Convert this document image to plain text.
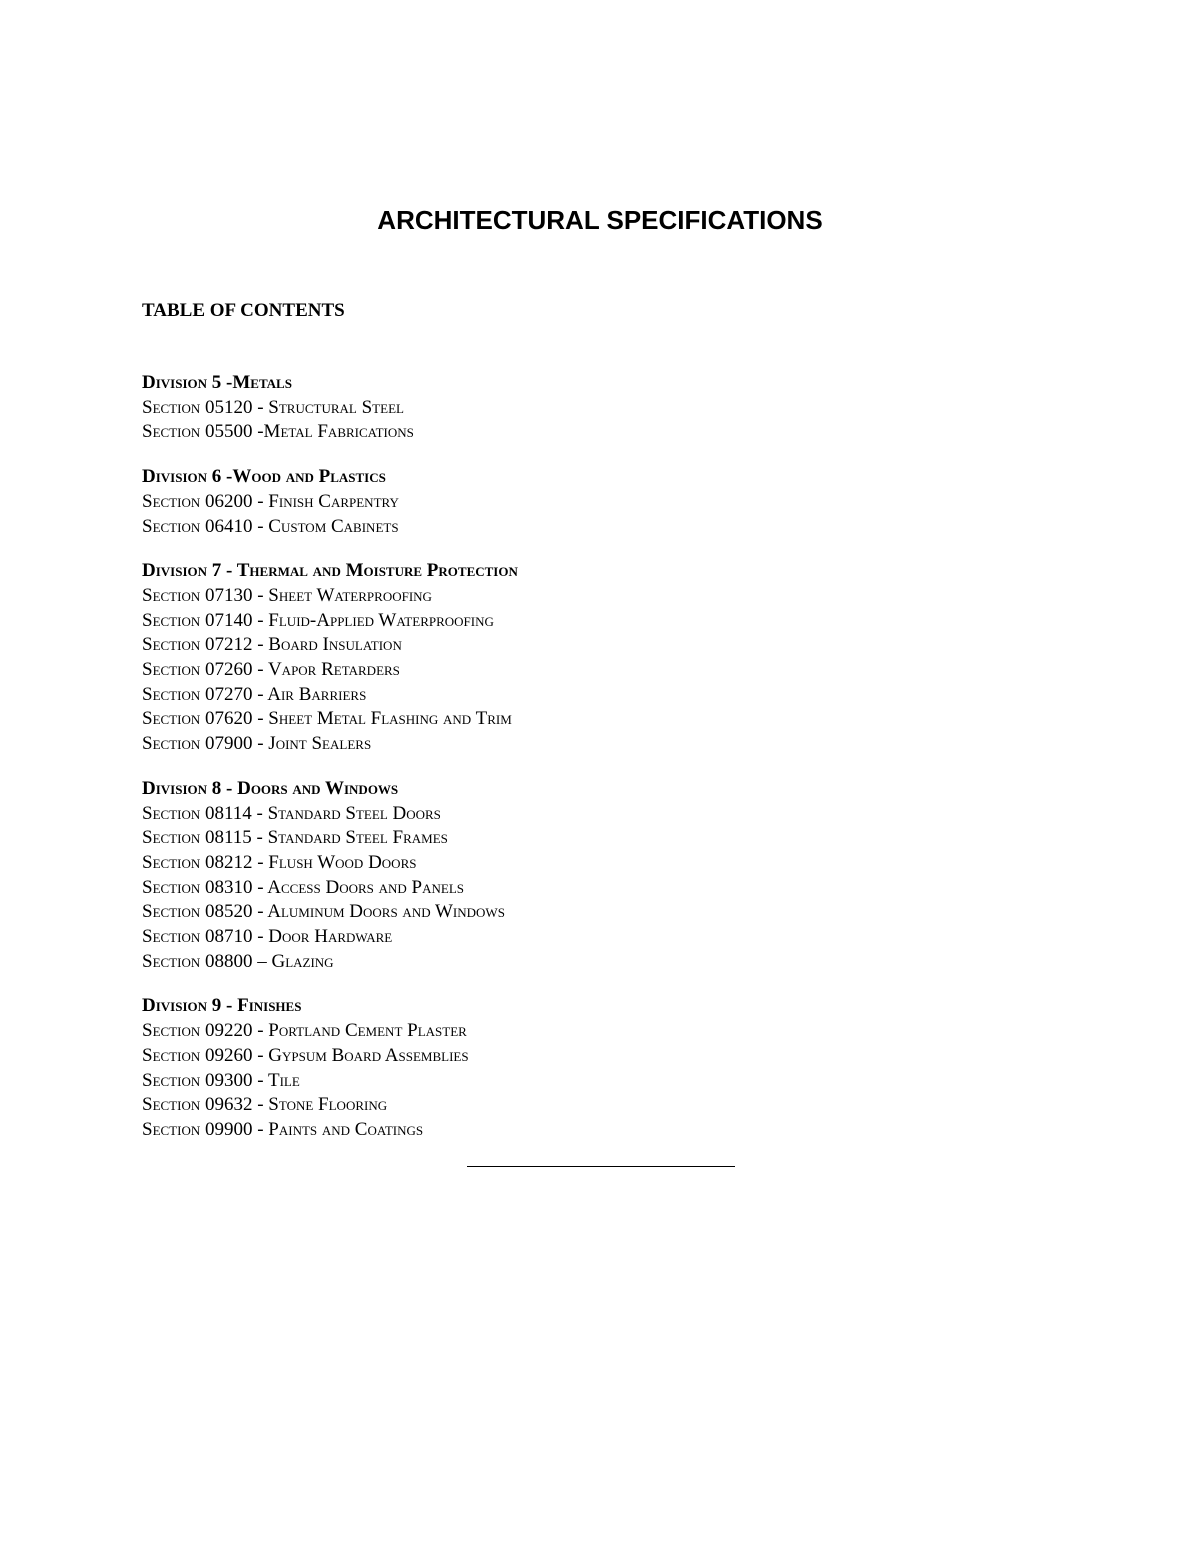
ARCHITECTURAL SPECIFICATIONS
TABLE OF CONTENTS
Division 5 -Metals
Section 05120 - Structural Steel
Section 05500 -Metal Fabrications
Division 6 -Wood and Plastics
Section 06200 - Finish Carpentry
Section 06410 - Custom Cabinets
Division 7 - Thermal and Moisture Protection
Section 07130 - Sheet Waterproofing
Section 07140 - Fluid-Applied Waterproofing
Section 07212 - Board Insulation
Section 07260 - Vapor Retarders
Section 07270 - Air Barriers
Section 07620 - Sheet Metal Flashing and Trim
Section 07900 - Joint Sealers
Division 8 - Doors and Windows
Section 08114 - Standard Steel Doors
Section 08115 - Standard Steel Frames
Section 08212 - Flush Wood Doors
Section 08310 - Access Doors and Panels
Section 08520 - Aluminum Doors and Windows
Section 08710 - Door Hardware
Section 08800 – Glazing
Division 9 - Finishes
Section 09220 - Portland Cement Plaster
Section 09260 - Gypsum Board Assemblies
Section 09300 - Tile
Section 09632 - Stone Flooring
Section 09900 - Paints and Coatings
